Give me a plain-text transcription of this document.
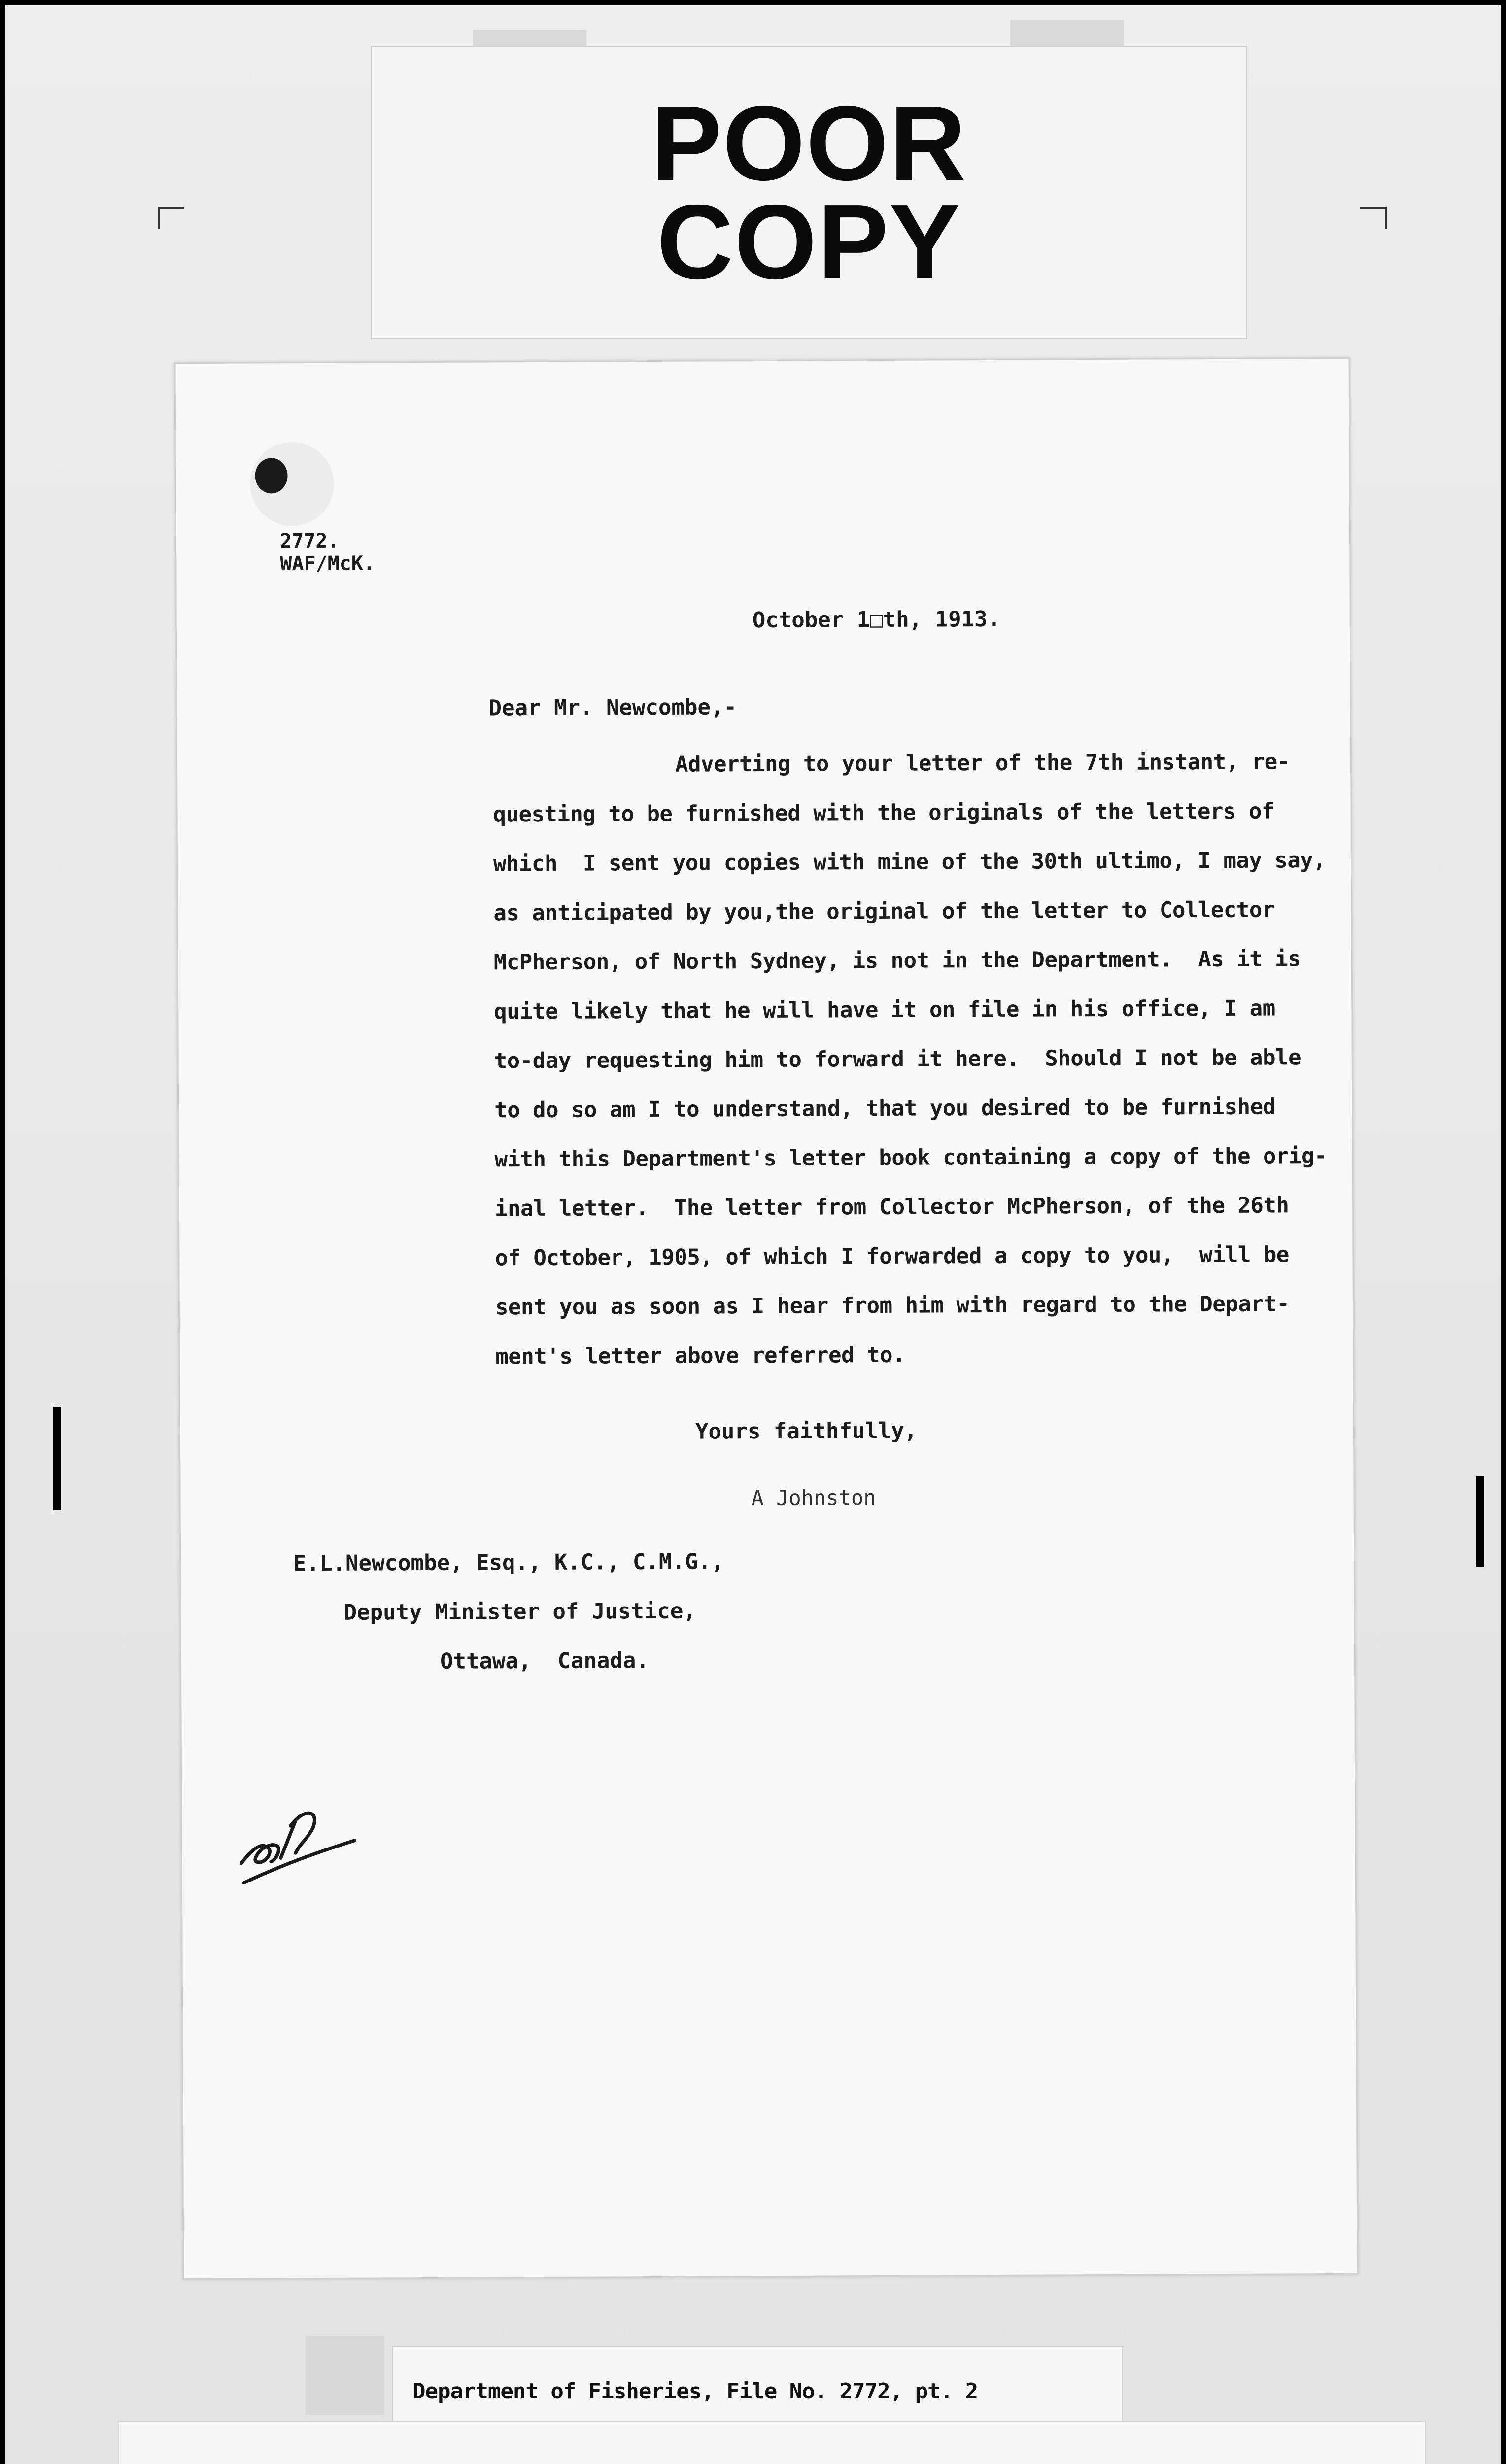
POOR
COPY
2772.
WAF/McK.
October 1□th, 1913.
Dear Mr. Newcombe,-
Adverting to your letter of the 7th instant, re-
questing to be furnished with the originals of the letters of
which  I sent you copies with mine of the 30th ultimo, I may say,
as anticipated by you,the original of the letter to Collector
McPherson, of North Sydney, is not in the Department.  As it is
quite likely that he will have it on file in his office, I am
to-day requesting him to forward it here.  Should I not be able
to do so am I to understand, that you desired to be furnished
with this Department's letter book containing a copy of the orig-
inal letter.  The letter from Collector McPherson, of the 26th
of October, 1905, of which I forwarded a copy to you,  will be
sent you as soon as I hear from him with regard to the Depart-
ment's letter above referred to.
Yours faithfully,
A Johnston
E.L.Newcombe, Esq., K.C., C.M.G.,
Deputy Minister of Justice,
Ottawa,  Canada.
Department of Fisheries, File No. 2772, pt. 2
